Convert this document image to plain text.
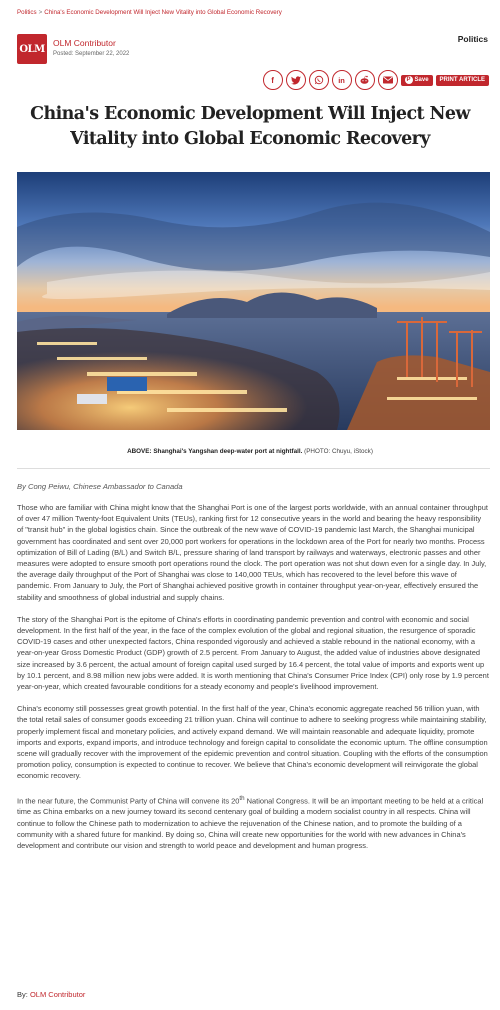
Politics > China's Economic Development Will Inject New Vitality into Global Economic Recovery
OLM
OLM Contributor
Posted: September 22, 2022
Politics
f	in	P Save	PRINT ARTICLE
China's Economic Development Will Inject New Vitality into Global Economic Recovery
ABOVE: Shanghai's Yangshan deep-water port at nightfall. (PHOTO: Chuyu, iStock)
By Cong Peiwu, Chinese Ambassador to Canada

Those who are familiar with China might know that the Shanghai Port is one of the largest ports worldwide, with an annual container throughput of over 47 million Twenty-foot Equivalent Units (TEUs), ranking first for 12 consecutive years in the world and bearing the heavy responsibility of "transit hub" in the global logistics chain. Since the outbreak of the new wave of COVID-19 pandemic last March, the Shanghai municipal government has coordinated and sent over 20,000 port workers for operations in the lockdown area of the Port for nearly two months. Process optimization of Bill of Lading (B/L) and Switch B/L, pressure sharing of land transport by railways and waterways, electronic passes and other measures were adopted to ensure smooth port operations round the clock. The port operation was not shut down even for a single day. In July, the average daily throughput of the Port of Shanghai was close to 140,000 TEUs, which has recovered to the level before this wave of pandemic. From January to July, the Port of Shanghai achieved positive growth in container throughput year-on-year, effectively ensured the stability and smoothness of global industrial and supply chains.

The story of the Shanghai Port is the epitome of China's efforts in coordinating pandemic prevention and control with economic and social development. In the first half of the year, in the face of the complex evolution of the global and regional situation, the resurgence of sporadic COVID-19 cases and other unexpected factors, China responded vigorously and achieved a stable rebound in the national economy, with a year-on-year Gross Domestic Product (GDP) growth of 2.5 percent. From January to August, the added value of industries above designated size increased by 3.6 percent, the actual amount of foreign capital used surged by 16.4 percent, the total value of imports and exports went up by 10.1 percent, and 8.98 million new jobs were added. It is worth mentioning that China's Consumer Price Index (CPI) only rose by 1.9 percent year-on-year, which created favourable conditions for a steady economy and people's livelihood improvement.

China's economy still possesses great growth potential. In the first half of the year, China's economic aggregate reached 56 trillion yuan, with the total retail sales of consumer goods exceeding 21 trillion yuan. China will continue to adhere to seeking progress while maintaining stability, properly implement fiscal and monetary policies, and actively expand demand. We will maintain reasonable and adequate liquidity, promote imports and exports, expand imports, and introduce technology and foreign capital to consolidate the economic upturn. The offline consumption scene will gradually recover with the improvement of the epidemic prevention and control situation. Coupling with the efforts of the consumption promotion policy, consumption is expected to continue to recover. We believe that China's economic development will reinvigorate the global economic recovery.

In the near future, the Communist Party of China will convene its 20th National Congress. It will be an important meeting to be held at a critical time as China embarks on a new journey toward its second centenary goal of building a modern socialist country in all respects. China will continue to follow the Chinese path to modernization to achieve the rejuvenation of the Chinese nation, and to promote the building of a community with a shared future for mankind. By doing so, China will create new opportunities for the world with new advances in China's development and contribute our vision and strength to world peace and development and human progress.

By: OLM Contributor
